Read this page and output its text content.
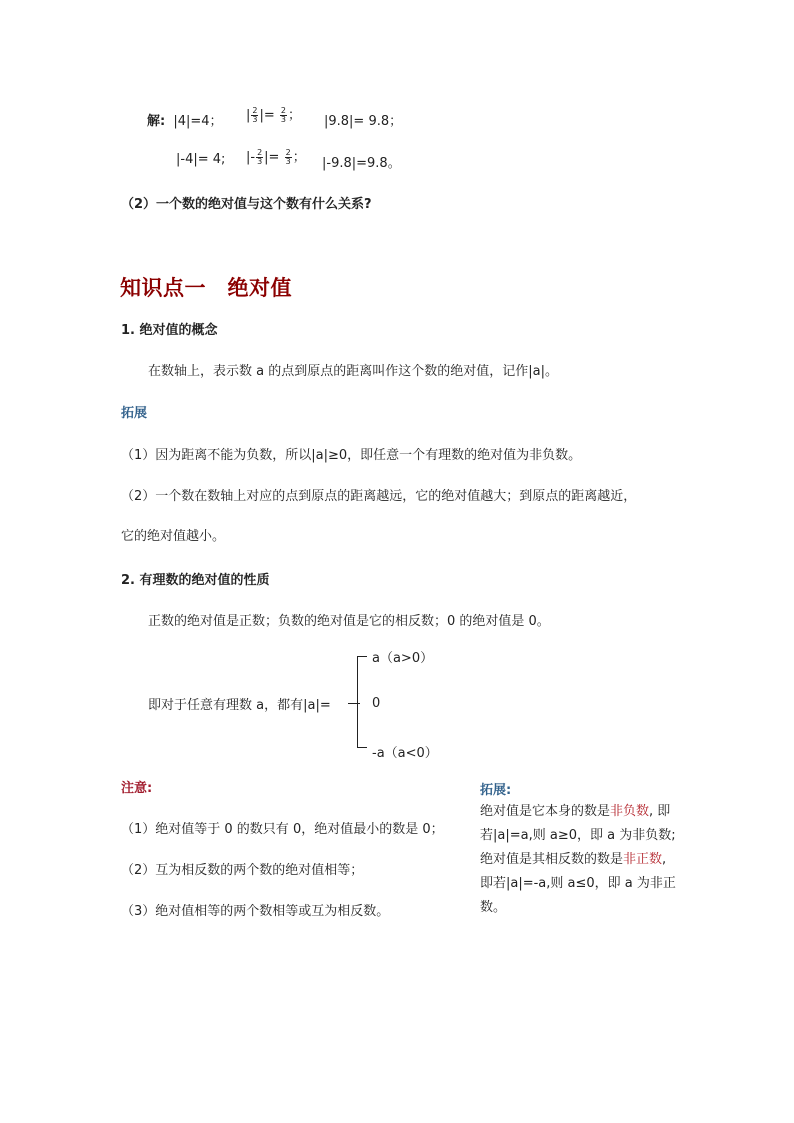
解: |4|=4； | $\frac{2}{3}$ |= $\frac{2}{3}$ ； |9.8|= 9.8；
|-4|= 4; |- $\frac{2}{3}$ |= $\frac{2}{3}$ ； |-9.8|=9.8。
（2）一个数的绝对值与这个数有什么关系?
知识点一　绝对值
1. 绝对值的概念
在数轴上，表示数 a 的点到原点的距离叫作这个数的绝对值，记作|a|。
拓展
（1）因为距离不能为负数，所以|a|≥0，即任意一个有理数的绝对值为非负数。
（2）一个数在数轴上对应的点到原点的距离越远，它的绝对值越大；到原点的距离越近，
它的绝对值越小。
2. 有理数的绝对值的性质
正数的绝对值是正数；负数的绝对值是它的相反数；0 的绝对值是 0。
即对于任意有理数 a，都有|a|=
a（a>0）
0
-a（a<0）
注意:
（1）绝对值等于 0 的数只有 0，绝对值最小的数是 0；
（2）互为相反数的两个数的绝对值相等；
（3）绝对值相等的两个数相等或互为相反数。
拓展:
绝对值是它本身的数是非负数, 即
若|a|=a,则 a≥0，即 a 为非负数;
绝对值是其相反数的数是非正数,
即若|a|=-a,则 a≤0，即 a 为非正
数。
